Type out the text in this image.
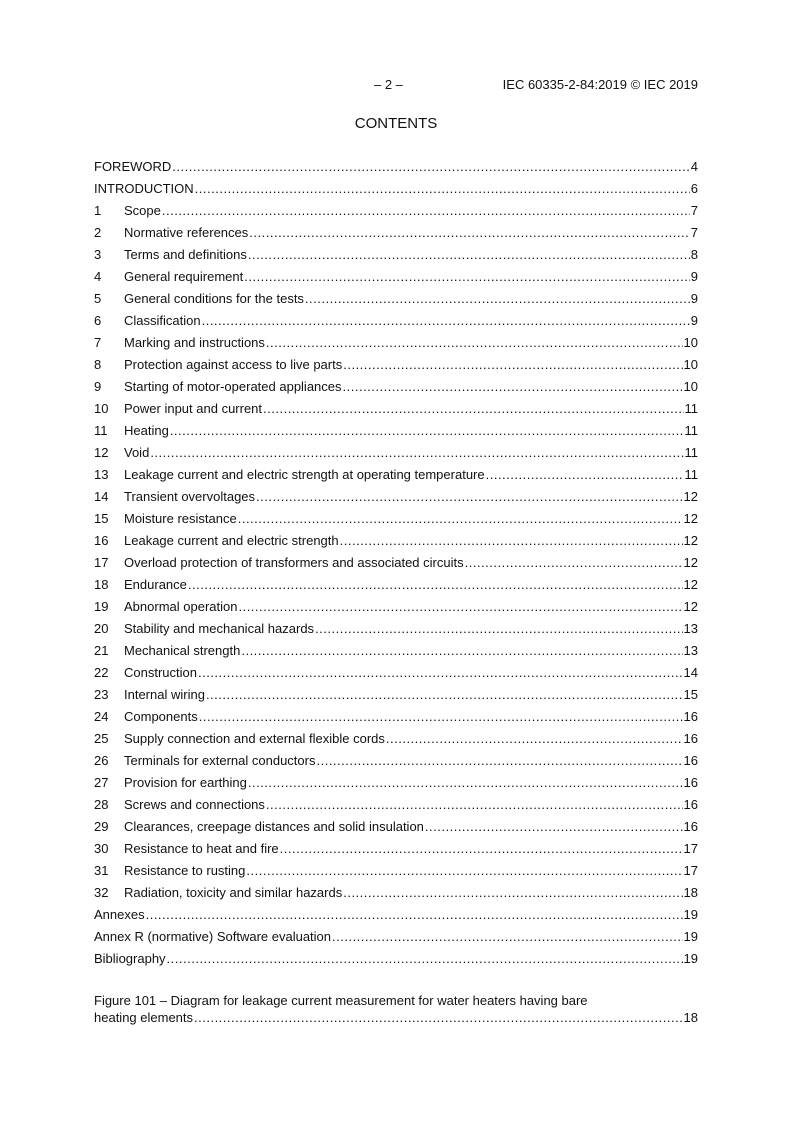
– 2 –	IEC 60335-2-84:2019 © IEC 2019
CONTENTS
FOREWORD .....	4
INTRODUCTION .....	6
1	Scope .....	7
2	Normative references .....	7
3	Terms and definitions .....	8
4	General requirement .....	9
5	General conditions for the tests .....	9
6	Classification .....	9
7	Marking and instructions .....	10
8	Protection against access to live parts .....	10
9	Starting of motor-operated appliances .....	10
10	Power input and current .....	11
11	Heating .....	11
12	Void .....	11
13	Leakage current and electric strength at operating temperature .....	11
14	Transient overvoltages .....	12
15	Moisture resistance .....	12
16	Leakage current and electric strength .....	12
17	Overload protection of transformers and associated circuits .....	12
18	Endurance .....	12
19	Abnormal operation .....	12
20	Stability and mechanical hazards .....	13
21	Mechanical strength .....	13
22	Construction .....	14
23	Internal wiring .....	15
24	Components .....	16
25	Supply connection and external flexible cords .....	16
26	Terminals for external conductors .....	16
27	Provision for earthing .....	16
28	Screws and connections .....	16
29	Clearances, creepage distances and solid insulation .....	16
30	Resistance to heat and fire .....	17
31	Resistance to rusting .....	17
32	Radiation, toxicity and similar hazards .....	18
Annexes .....	19
Annex R (normative) Software evaluation .....	19
Bibliography .....	19
Figure 101 – Diagram for leakage current measurement for water heaters having bare
heating elements .....	18
